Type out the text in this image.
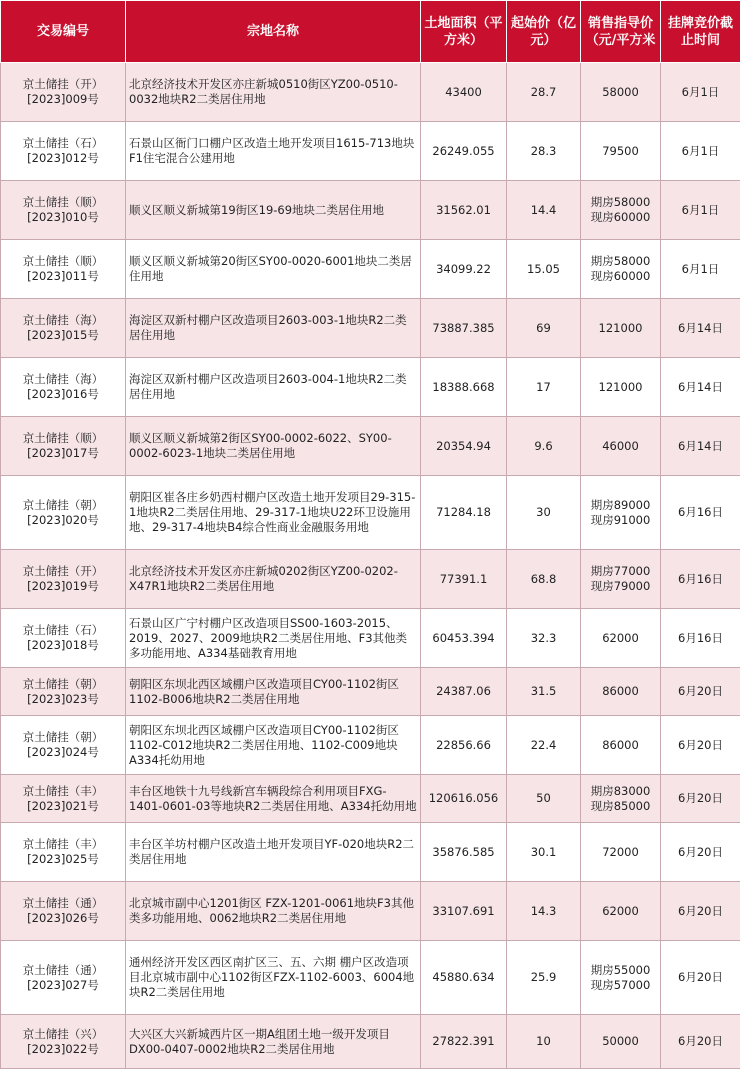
交易编号	宗地名称	土地面积（平方米）	起始价（亿元）	销售指导价（元/平方米	挂牌竞价截止时间

京土储挂（开）
[2023]009号	北京经济技术开发区亦庄新城0510街区YZ00-0510-0032地块R2二类居住用地	43400	28.7	58000	6月1日

京土储挂（石）
[2023]012号	石景山区衙门口棚户区改造土地开发项目1615-713地块F1住宅混合公建用地	26249.055	28.3	79500	6月1日

京土储挂（顺）
[2023]010号	顺义区顺义新城第19街区19-69地块二类居住用地	31562.01	14.4	期房58000
现房60000	6月1日

京土储挂（顺）
[2023]011号	顺义区顺义新城第20街区SY00-0020-6001地块二类居住用地	34099.22	15.05	期房58000
现房60000	6月1日

京土储挂（海）
[2023]015号	海淀区双新村棚户区改造项目2603-003-1地块R2二类居住用地	73887.385	69	121000	6月14日

京土储挂（海）
[2023]016号	海淀区双新村棚户区改造项目2603-004-1地块R2二类居住用地	18388.668	17	121000	6月14日

京土储挂（顺）
[2023]017号	顺义区顺义新城第2街区SY00-0002-6022、SY00-0002-6023-1地块二类居住用地	20354.94	9.6	46000	6月14日

京土储挂（朝）
[2023]020号	朝阳区崔各庄乡奶西村棚户区改造土地开发项目29-315-1地块R2二类居住用地、29-317-1地块U22环卫设施用地、29-317-4地块B4综合性商业金融服务用地	71284.18	30	期房89000
现房91000	6月16日

京土储挂（开）
[2023]019号	北京经济技术开发区亦庄新城0202街区YZ00-0202-X47R1地块R2二类居住用地	77391.1	68.8	期房77000
现房79000	6月16日

京土储挂（石）
[2023]018号	石景山区广宁村棚户区改造项目SS00-1603-2015、2019、2027、2009地块R2二类居住用地、F3其他类多功能用地、A334基础教育用地	60453.394	32.3	62000	6月16日

京土储挂（朝）
[2023]023号	朝阳区东坝北西区域棚户区改造项目CY00-1102街区1102-B006地块R2二类居住用地	24387.06	31.5	86000	6月20日

京土储挂（朝）
[2023]024号	朝阳区东坝北西区域棚户区改造项目CY00-1102街区1102-C012地块R2二类居住用地、1102-C009地块A334托幼用地	22856.66	22.4	86000	6月20日

京土储挂（丰）
[2023]021号	丰台区地铁十九号线新宫车辆段综合利用项目FXG-1401-0601-03等地块R2二类居住用地、A334托幼用地	120616.056	50	期房83000
现房85000	6月20日

京土储挂（丰）
[2023]025号	丰台区羊坊村棚户区改造土地开发项目YF-020地块R2二类居住用地	35876.585	30.1	72000	6月20日

京土储挂（通）
[2023]026号	北京城市副中心1201街区 FZX-1201-0061地块F3其他类多功能用地、0062地块R2二类居住用地	33107.691	14.3	62000	6月20日

京土储挂（通）
[2023]027号	通州经济开发区西区南扩区三、五、六期 棚户区改造项目北京城市副中心1102街区FZX-1102-6003、6004地块R2二类居住用地	45880.634	25.9	期房55000
现房57000	6月20日

京土储挂（兴）
[2023]022号	大兴区大兴新城西片区一期A组团土地一级开发项目DX00-0407-0002地块R2二类居住用地	27822.391	10	50000	6月20日
